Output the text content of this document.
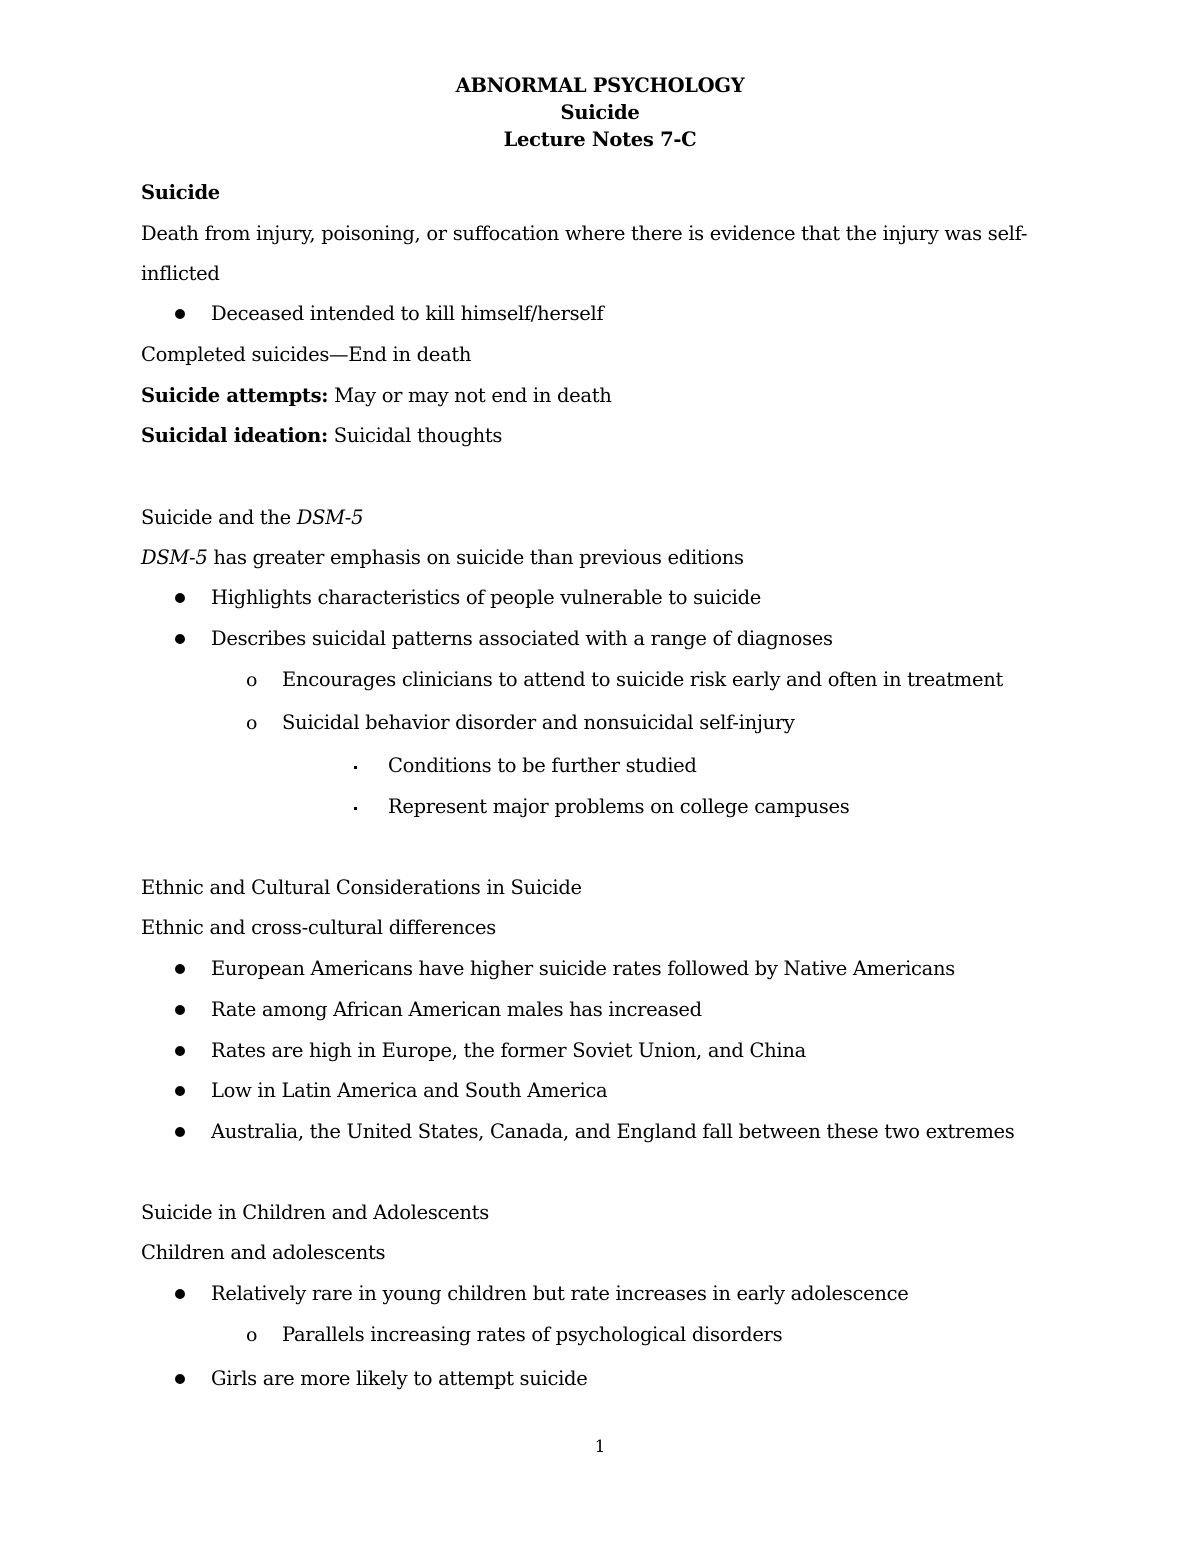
ABNORMAL PSYCHOLOGY
Suicide
Lecture Notes 7-C
Suicide
Death from injury, poisoning, or suffocation where there is evidence that the injury was self-
inflicted
Deceased intended to kill himself/herself
Completed suicides—End in death
Suicide attempts: May or may not end in death
Suicidal ideation: Suicidal thoughts
Suicide and the DSM-5
DSM-5 has greater emphasis on suicide than previous editions
Highlights characteristics of people vulnerable to suicide
Describes suicidal patterns associated with a range of diagnoses
o Encourages clinicians to attend to suicide risk early and often in treatment
o Suicidal behavior disorder and nonsuicidal self-injury
Conditions to be further studied
Represent major problems on college campuses
Ethnic and Cultural Considerations in Suicide
Ethnic and cross-cultural differences
European Americans have higher suicide rates followed by Native Americans
Rate among African American males has increased
Rates are high in Europe, the former Soviet Union, and China
Low in Latin America and South America
Australia, the United States, Canada, and England fall between these two extremes
Suicide in Children and Adolescents
Children and adolescents
Relatively rare in young children but rate increases in early adolescence
o Parallels increasing rates of psychological disorders
Girls are more likely to attempt suicide
1
